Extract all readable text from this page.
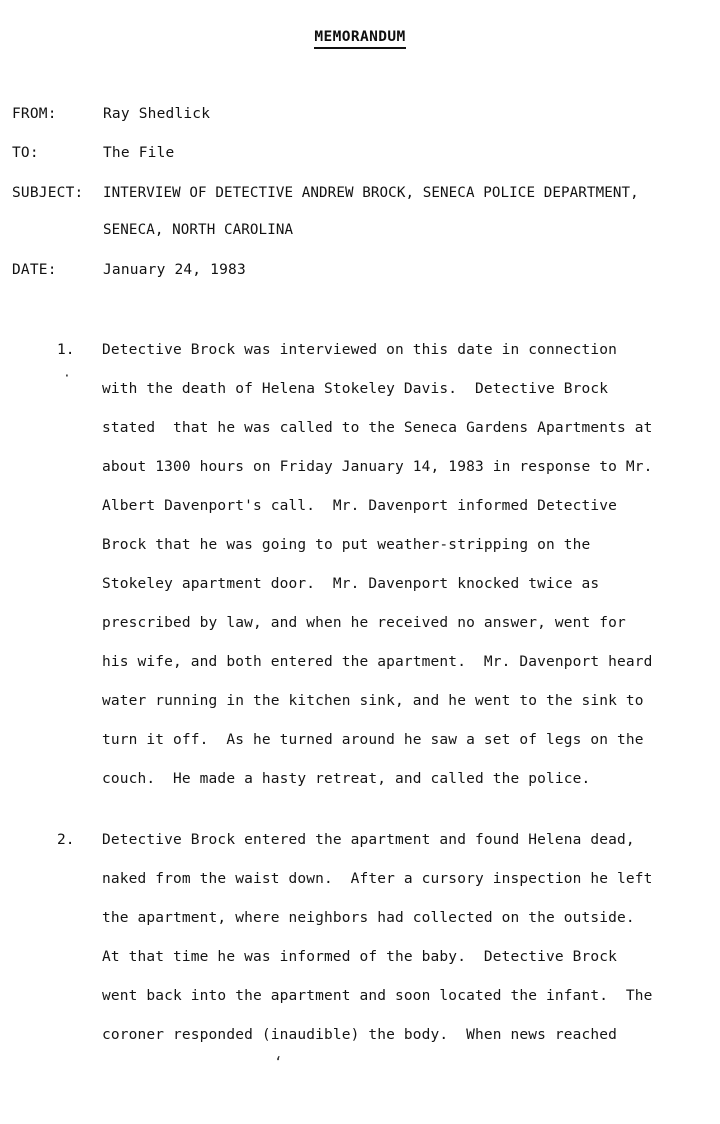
MEMORANDUM
FROM:	Ray Shedlick
TO:	The File
SUBJECT: INTERVIEW OF DETECTIVE ANDREW BROCK, SENECA POLICE DEPARTMENT,
SENECA, NORTH CAROLINA
DATE:	January 24, 1983
1.	Detective Brock was interviewed on this date in connection
with the death of Helena Stokeley Davis.  Detective Brock
stated  that he was called to the Seneca Gardens Apartments at
about 1300 hours on Friday January 14, 1983 in response to Mr.
Albert Davenport's call.  Mr. Davenport informed Detective
Brock that he was going to put weather-stripping on the
Stokeley apartment door.  Mr. Davenport knocked twice as
prescribed by law, and when he received no answer, went for
his wife, and both entered the apartment.  Mr. Davenport heard
water running in the kitchen sink, and he went to the sink to
turn it off.  As he turned around he saw a set of legs on the
couch.  He made a hasty retreat, and called the police.
2.	Detective Brock entered the apartment and found Helena dead,
naked from the waist down.  After a cursory inspection he left
the apartment, where neighbors had collected on the outside.
At that time he was informed of the baby.  Detective Brock
went back into the apartment and soon located the infant.  The
coroner responded (inaudible) the body.  When news reached
·
‘
